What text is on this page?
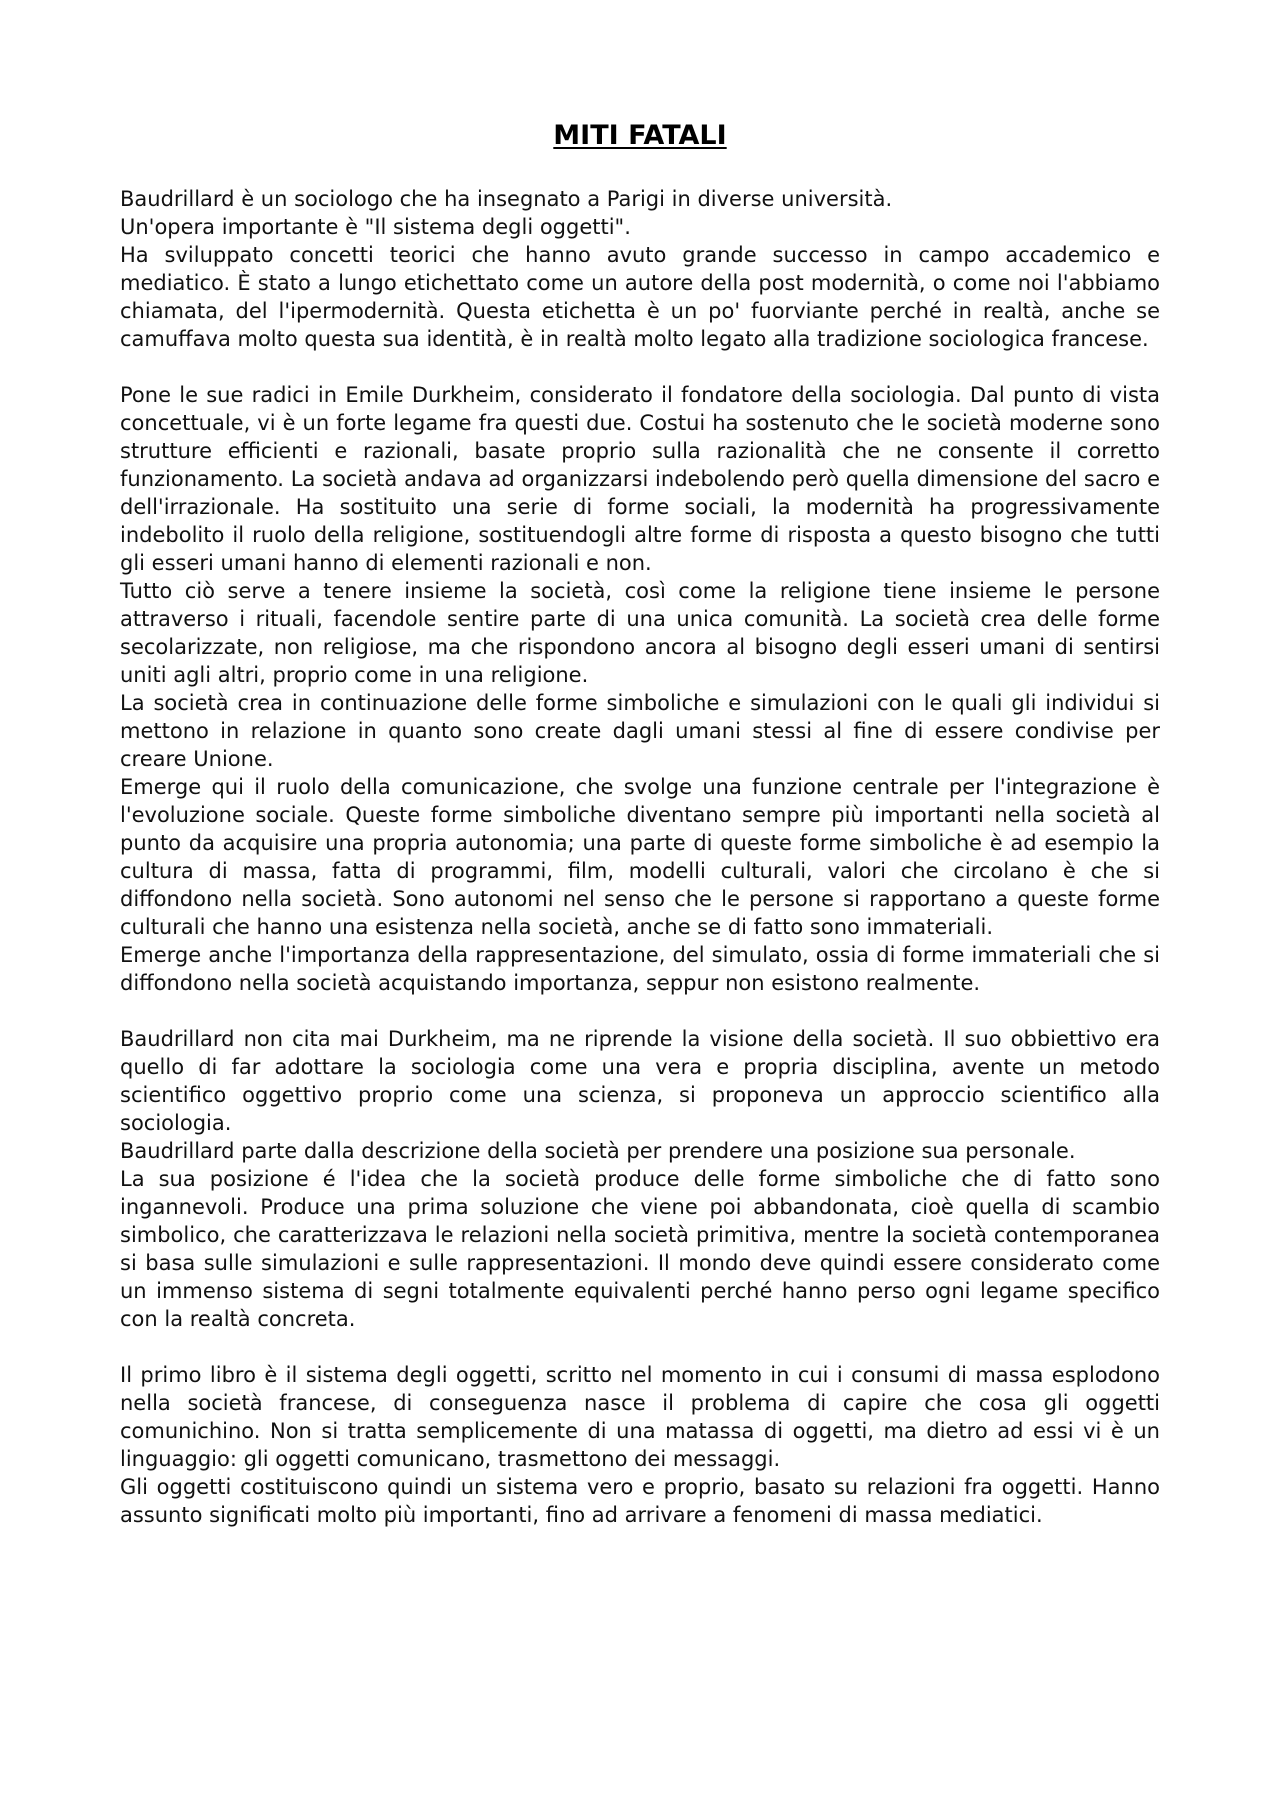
MITI FATALI

Baudrillard è un sociologo che ha insegnato a Parigi in diverse università.

Un'opera importante è "Il sistema degli oggetti".

Ha sviluppato concetti teorici che hanno avuto grande successo in campo accademico e mediatico. È stato a lungo etichettato come un autore della post modernità, o come noi l'abbiamo chiamata, del l'ipermodernità. Questa etichetta è un po' fuorviante perché in realtà, anche se camuffava molto questa sua identità, è in realtà molto legato alla tradizione sociologica francese.

Pone le sue radici in Emile Durkheim, considerato il fondatore della sociologia. Dal punto di vista concettuale, vi è un forte legame fra questi due. Costui ha sostenuto che le società moderne sono strutture efficienti e razionali, basate proprio sulla razionalità che ne consente il corretto funzionamento. La società andava ad organizzarsi indebolendo però quella dimensione del sacro e dell'irrazionale. Ha sostituito una serie di forme sociali, la modernità ha progressivamente indebolito il ruolo della religione, sostituendogli altre forme di risposta a questo bisogno che tutti gli esseri umani hanno di elementi razionali e non.

Tutto ciò serve a tenere insieme la società, così come la religione tiene insieme le persone attraverso i rituali, facendole sentire parte di una unica comunità. La società crea delle forme secolarizzate, non religiose, ma che rispondono ancora al bisogno degli esseri umani di sentirsi uniti agli altri, proprio come in una religione.

La società crea in continuazione delle forme simboliche e simulazioni con le quali gli individui si mettono in relazione in quanto sono create dagli umani stessi al fine di essere condivise per creare Unione.

Emerge qui il ruolo della comunicazione, che svolge una funzione centrale per l'integrazione è l'evoluzione sociale. Queste forme simboliche diventano sempre più importanti nella società al punto da acquisire una propria autonomia; una parte di queste forme simboliche è ad esempio la cultura di massa, fatta di programmi, film, modelli culturali, valori che circolano è che si diffondono nella società. Sono autonomi nel senso che le persone si rapportano a queste forme culturali che hanno una esistenza nella società, anche se di fatto sono immateriali.

Emerge anche l'importanza della rappresentazione, del simulato, ossia di forme immateriali che si diffondono nella società acquistando importanza, seppur non esistono realmente.

Baudrillard non cita mai Durkheim, ma ne riprende la visione della società. Il suo obbiettivo era quello di far adottare la sociologia come una vera e propria disciplina, avente un metodo scientifico oggettivo proprio come una scienza, si proponeva un approccio scientifico alla sociologia.

Baudrillard parte dalla descrizione della società per prendere una posizione sua personale.

La sua posizione é l'idea che la società produce delle forme simboliche che di fatto sono ingannevoli. Produce una prima soluzione che viene poi abbandonata, cioè quella di scambio simbolico, che caratterizzava le relazioni nella società primitiva, mentre la società contemporanea si basa sulle simulazioni e sulle rappresentazioni. Il mondo deve quindi essere considerato come un immenso sistema di segni totalmente equivalenti perché hanno perso ogni legame specifico con la realtà concreta.

Il primo libro è il sistema degli oggetti, scritto nel momento in cui i consumi di massa esplodono nella società francese, di conseguenza nasce il problema di capire che cosa gli oggetti comunichino. Non si tratta semplicemente di una matassa di oggetti, ma dietro ad essi vi è un linguaggio: gli oggetti comunicano, trasmettono dei messaggi.

Gli oggetti costituiscono quindi un sistema vero e proprio, basato su relazioni fra oggetti. Hanno assunto significati molto più importanti, fino ad arrivare a fenomeni di massa mediatici.
